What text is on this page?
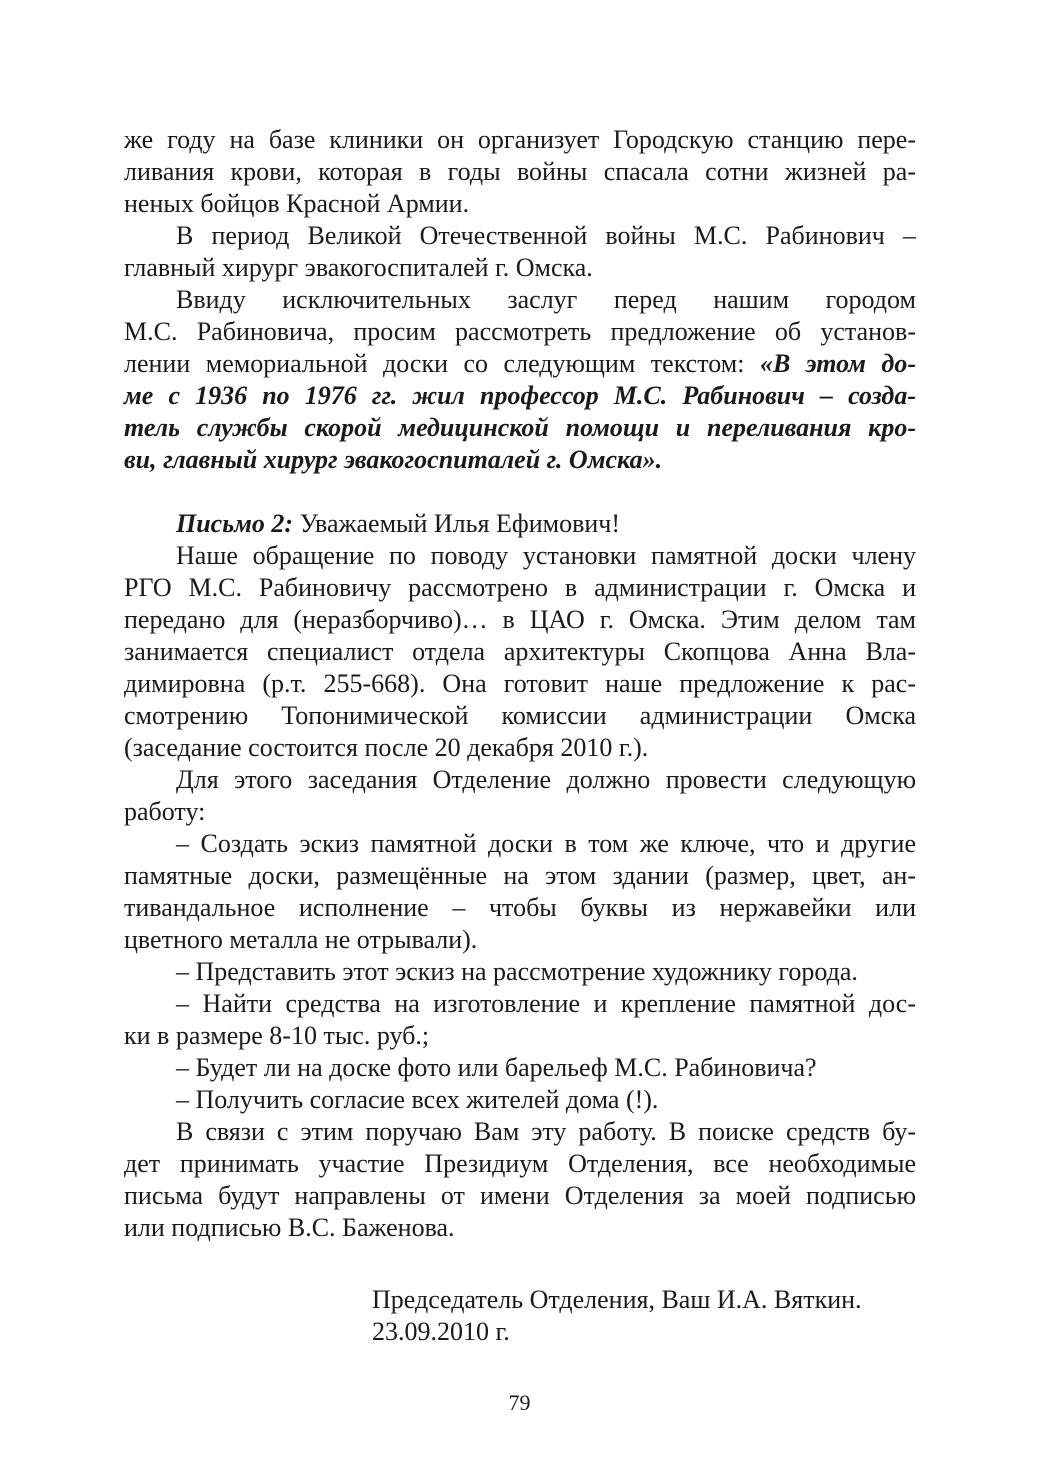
же году на базе клиники он организует Городскую станцию пере-
ливания крови, которая в годы войны спасала сотни жизней ра-
неных бойцов Красной Армии.
В период Великой Отечественной войны М.С. Рабинович –
главный хирург эвакогоспиталей г. Омска.
Ввиду исключительных заслуг перед нашим городом
М.С. Рабиновича, просим рассмотреть предложение об установ-
лении мемориальной доски со следующим текстом: «В этом до-
ме с 1936 по 1976 гг. жил профессор М.С. Рабинович – созда-
тель службы скорой медицинской помощи и переливания кро-
ви, главный хирург эвакогоспиталей г. Омска».
Письмо 2: Уважаемый Илья Ефимович!
Наше обращение по поводу установки памятной доски члену
РГО М.С. Рабиновичу рассмотрено в администрации г. Омска и
передано для (неразборчиво)… в ЦАО г. Омска. Этим делом там
занимается специалист отдела архитектуры Скопцова Анна Вла-
димировна (р.т. 255-668). Она готовит наше предложение к рас-
смотрению Топонимической комиссии администрации Омска
(заседание состоится после 20 декабря 2010 г.).
Для этого заседания Отделение должно провести следующую
работу:
– Создать эскиз памятной доски в том же ключе, что и другие
памятные доски, размещённые на этом здании (размер, цвет, ан-
тивандальное исполнение – чтобы буквы из нержавейки или
цветного металла не отрывали).
– Представить этот эскиз на рассмотрение художнику города.
– Найти средства на изготовление и крепление памятной дос-
ки в размере 8-10 тыс. руб.;
– Будет ли на доске фото или барельеф М.С. Рабиновича?
– Получить согласие всех жителей дома (!).
В связи с этим поручаю Вам эту работу. В поиске средств бу-
дет принимать участие Президиум Отделения, все необходимые
письма будут направлены от имени Отделения за моей подписью
или подписью В.С. Баженова.
Председатель Отделения, Ваш И.А. Вяткин.
23.09.2010 г.
79
